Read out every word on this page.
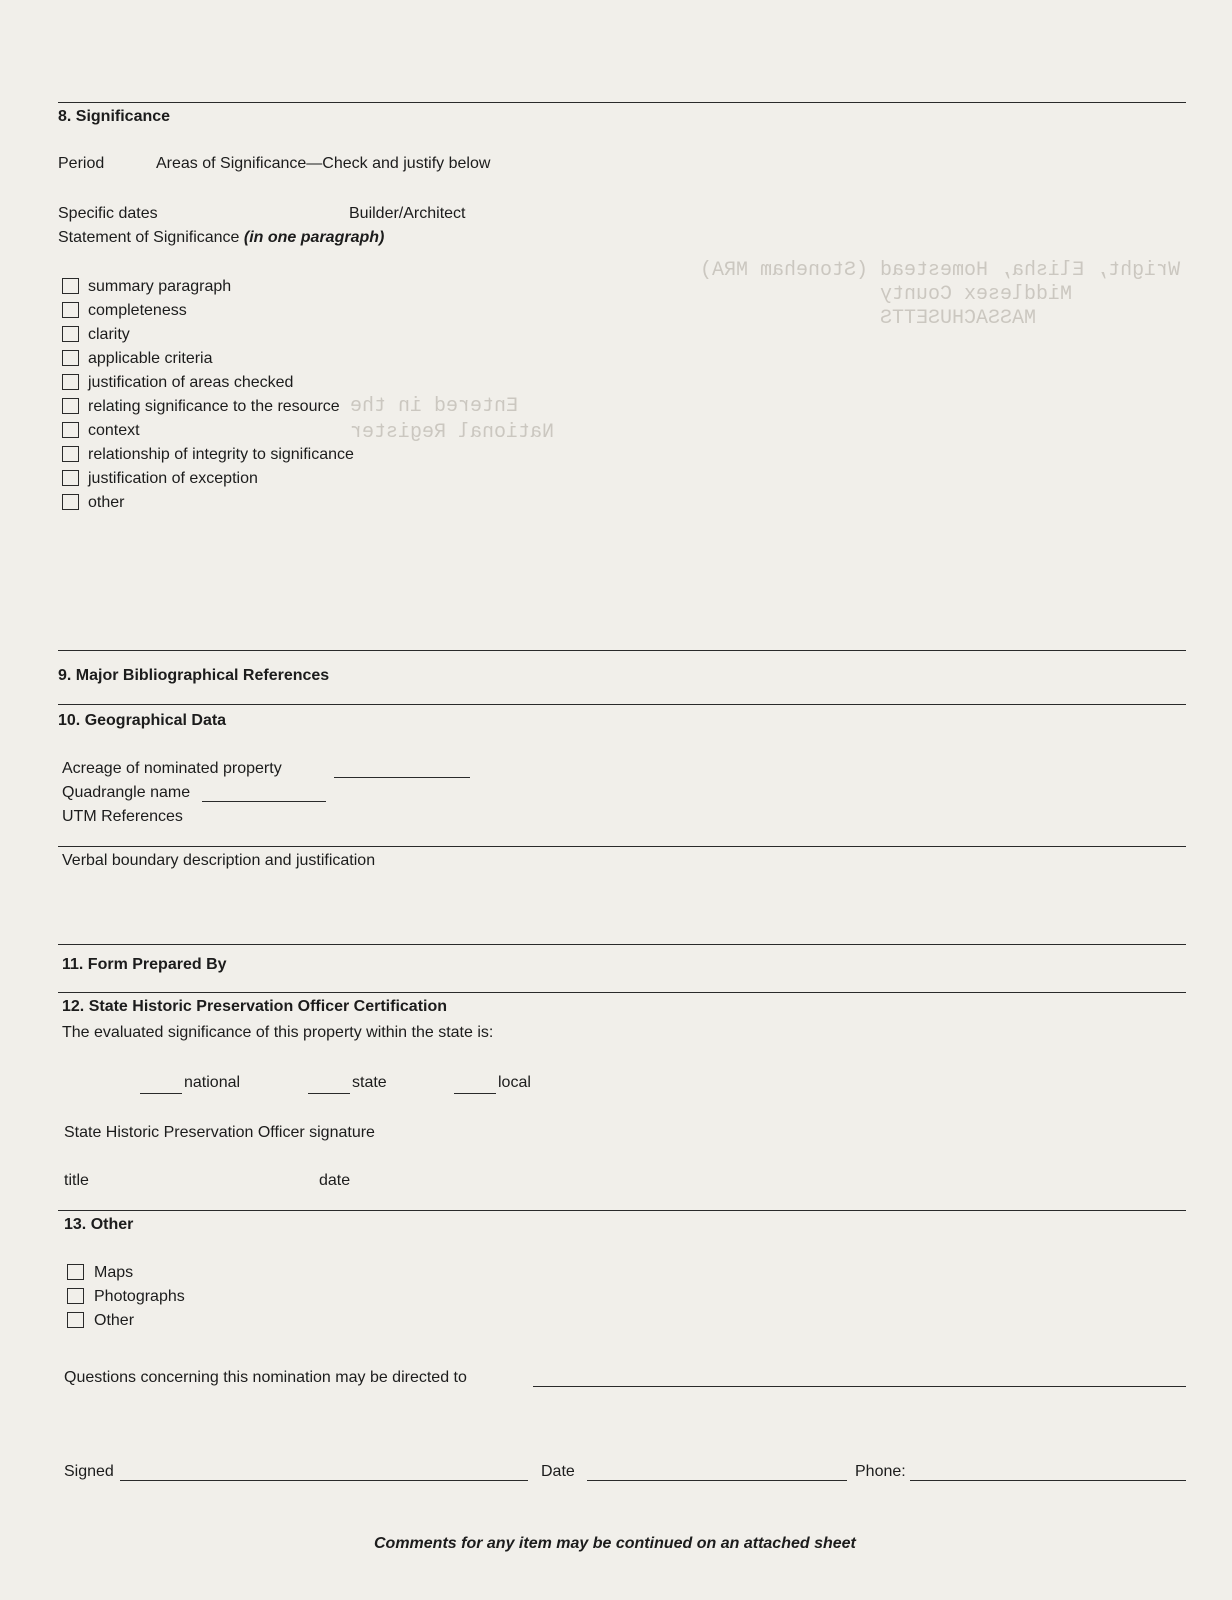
Wright, Elisha, Homestead (Stoneham MRA)
Middlesex County
MASSACHUSETTS
Entered in the
National Register
8. Significance
Period	Areas of Significance—Check and justify below
Specific dates	Builder/Architect
Statement of Significance (in one paragraph)
summary paragraph
completeness
clarity
applicable criteria
justification of areas checked
relating significance to the resource
context
relationship of integrity to significance
justification of exception
other
9. Major Bibliographical References
10. Geographical Data
Acreage of nominated property
Quadrangle name
UTM References
Verbal boundary description and justification
11. Form Prepared By
12. State Historic Preservation Officer Certification
The evaluated significance of this property within the state is:
national	state	local
State Historic Preservation Officer signature
title	date
13. Other
Maps
Photographs
Other
Questions concerning this nomination may be directed to
Signed	Date	Phone:
Comments for any item may be continued on an attached sheet
